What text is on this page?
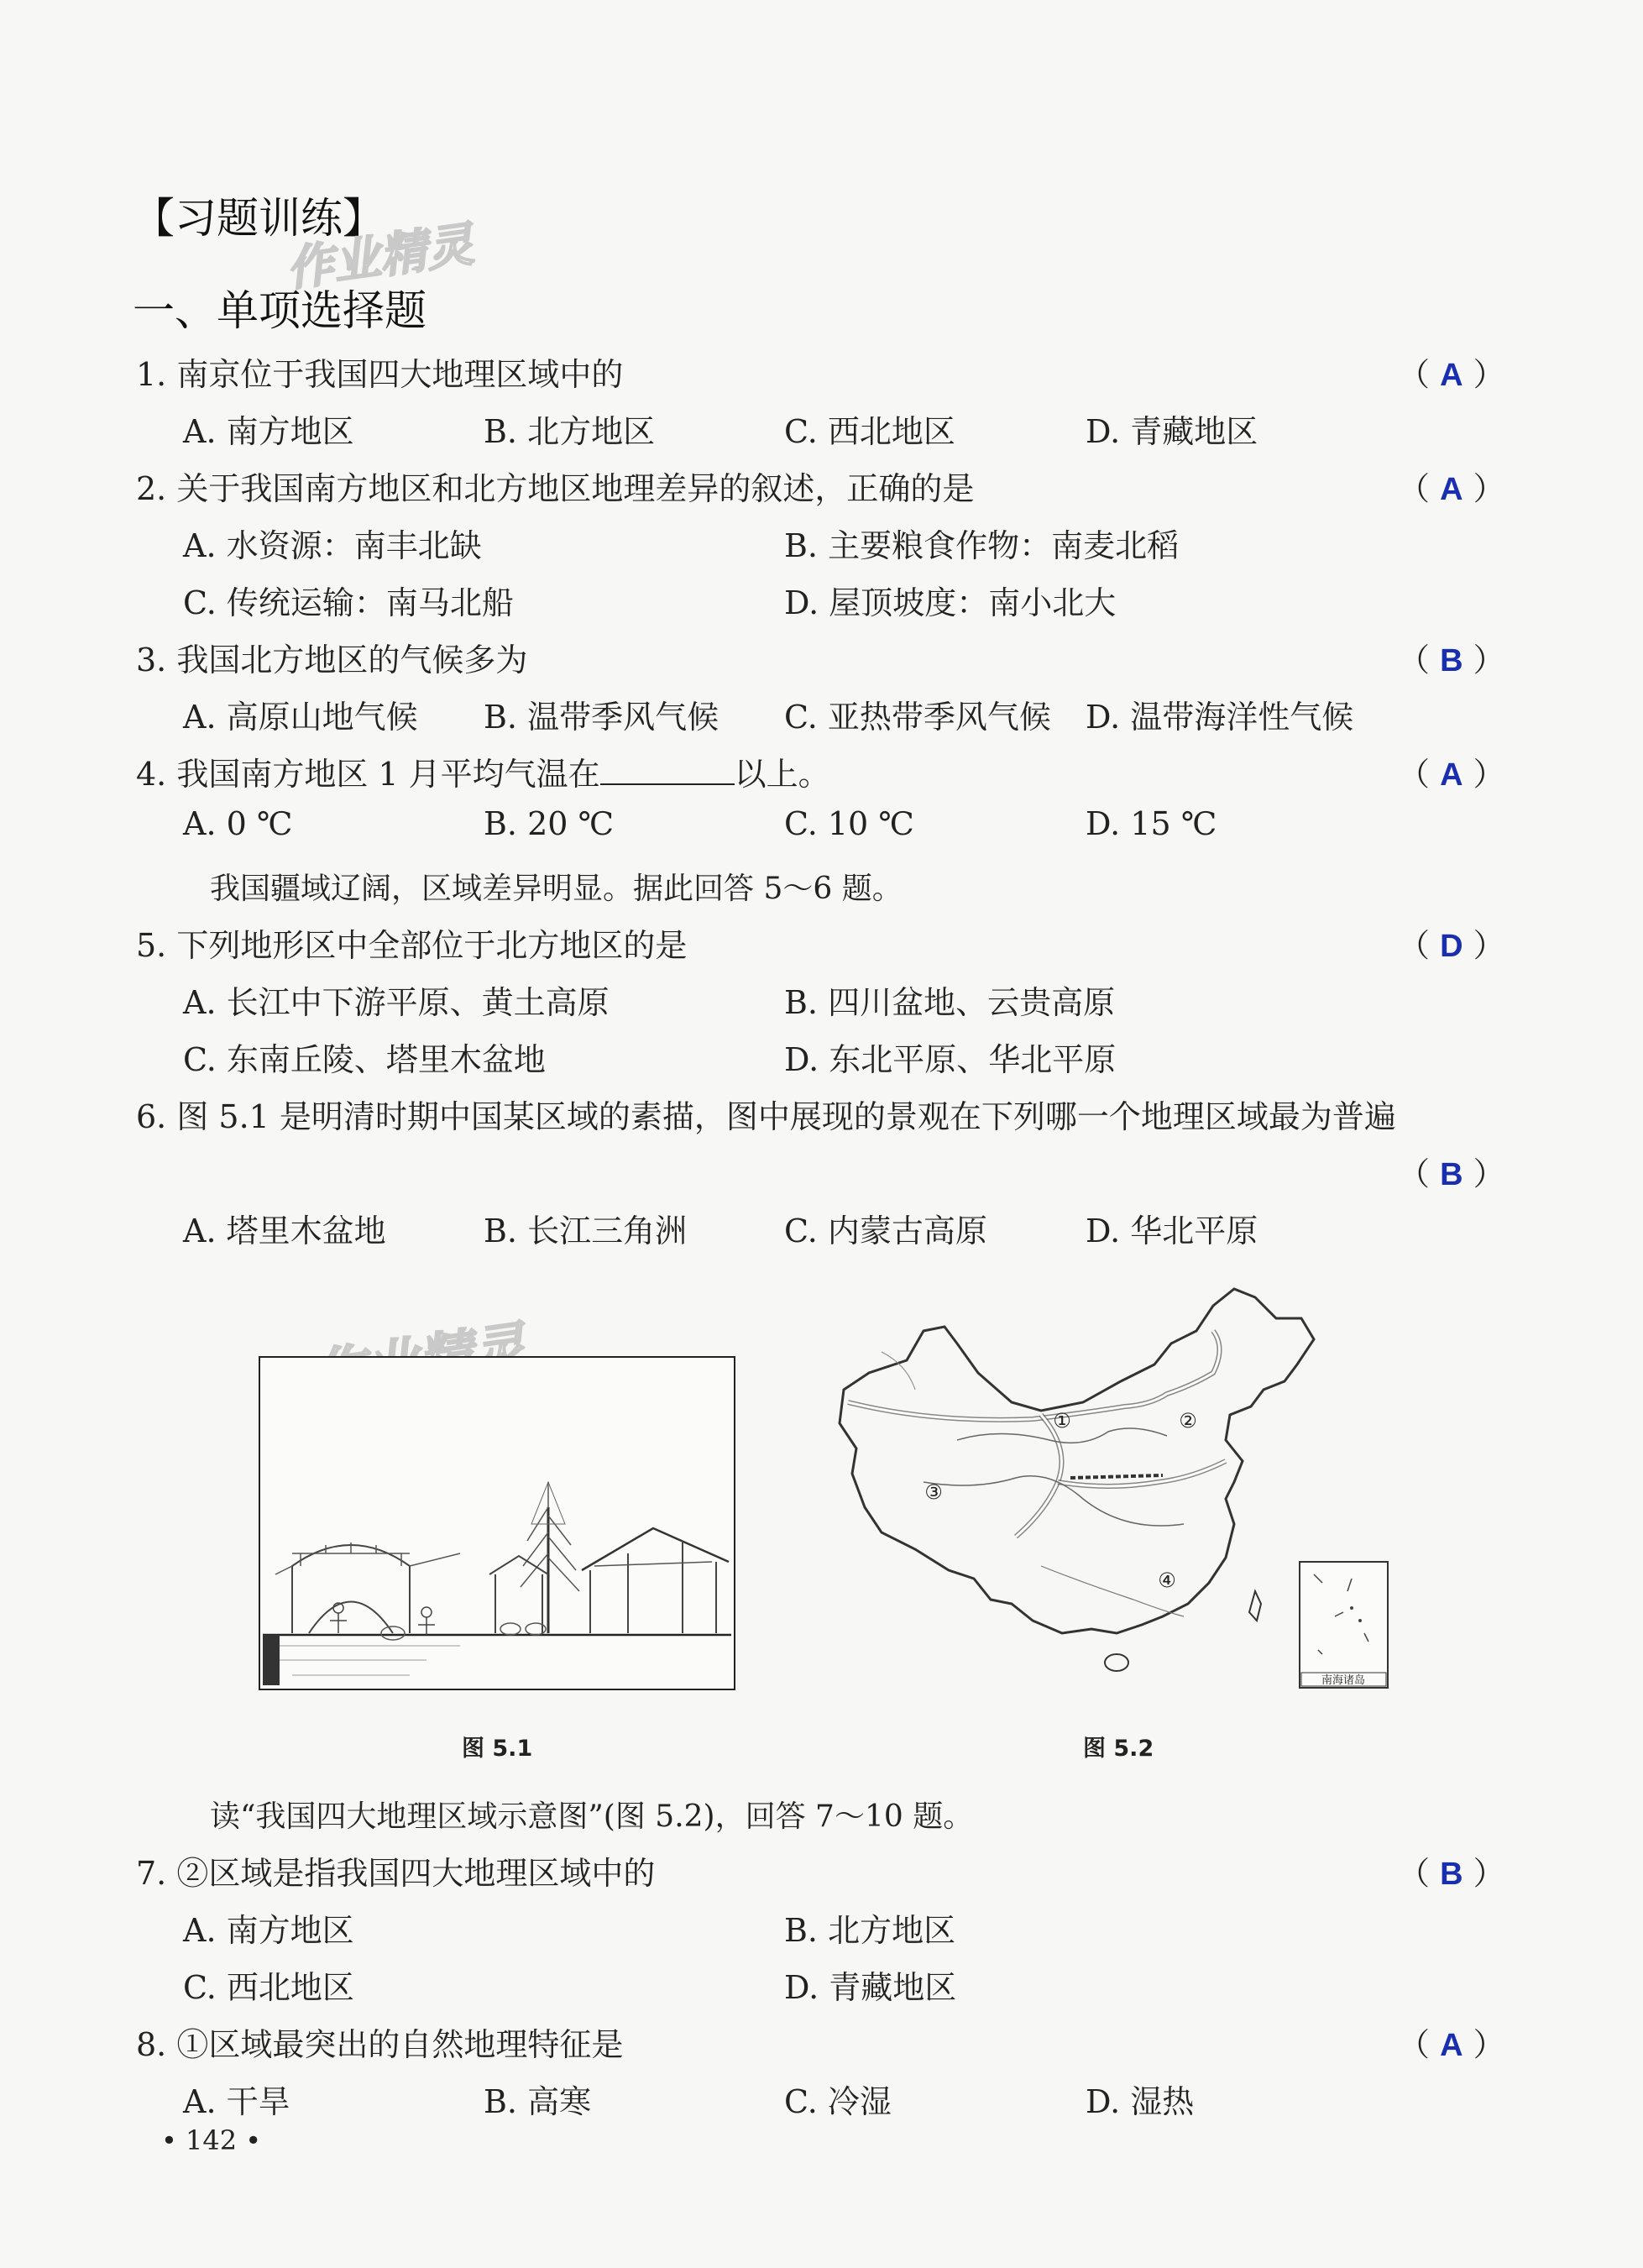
【习题训练】
作业精灵
一、单项选择题
1. 南京位于我国四大地理区域中的	（ A ）
A. 南方地区	B. 北方地区	C. 西北地区	D. 青藏地区
2. 关于我国南方地区和北方地区地理差异的叙述，正确的是	（ A ）
A. 水资源：南丰北缺	B. 主要粮食作物：南麦北稻
C. 传统运输：南马北船	D. 屋顶坡度：南小北大
3. 我国北方地区的气候多为	（ B ）
A. 高原山地气候 B. 温带季风气候 C. 亚热带季风气候 D. 温带海洋性气候
4. 我国南方地区 1 月平均气温在	以上。	（ A ）
A. 0 ℃	B. 20 ℃	C. 10 ℃	D. 15 ℃
我国疆域辽阔，区域差异明显。据此回答 5～6 题。
5. 下列地形区中全部位于北方地区的是	（ D ）
A. 长江中下游平原、黄土高原	B. 四川盆地、云贵高原
C. 东南丘陵、塔里木盆地	D. 东北平原、华北平原
6. 图 5.1 是明清时期中国某区域的素描，图中展现的景观在下列哪一个地理区域最为普遍
（ B ）
A. 塔里木盆地	B. 长江三角洲	C. 内蒙古高原	D. 华北平原
图 5.1
①	②
③
④
南海诸岛
图 5.2
读“我国四大地理区域示意图”(图 5.2)，回答 7～10 题。
7. ②区域是指我国四大地理区域中的	（ B ）
A. 南方地区	B. 北方地区
C. 西北地区	D. 青藏地区
8. ①区域最突出的自然地理特征是	（ A ）
A. 干旱	B. 高寒	C. 冷湿	D. 湿热
• 142 •
